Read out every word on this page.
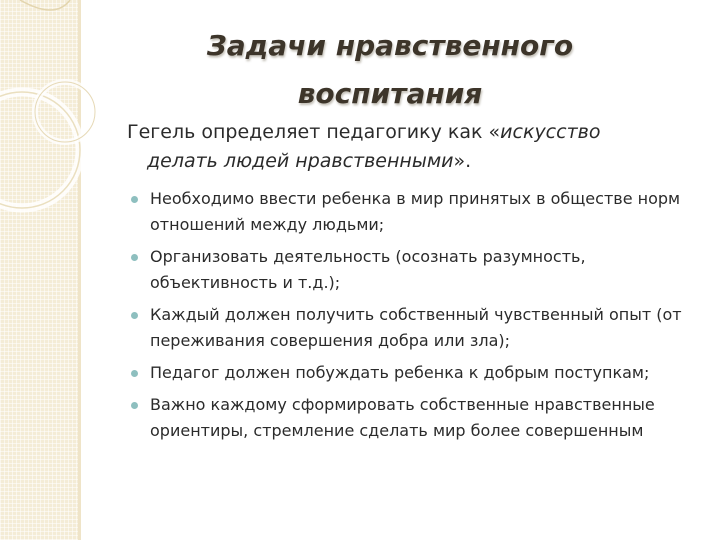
Задачи нравственного
воспитания
Гегель определяет педагогику как «искусство
делать людей нравственными».
Необходимо ввести ребенка в мир принятых в обществе норм отношений между людьми;
Организовать деятельность (осознать разумность, объективность и т.д.);
Каждый должен получить собственный чувственный опыт (от переживания совершения добра или зла);
Педагог должен побуждать ребенка к добрым поступкам;
Важно каждому сформировать собственные нравственные ориентиры, стремление сделать мир более совершенным
